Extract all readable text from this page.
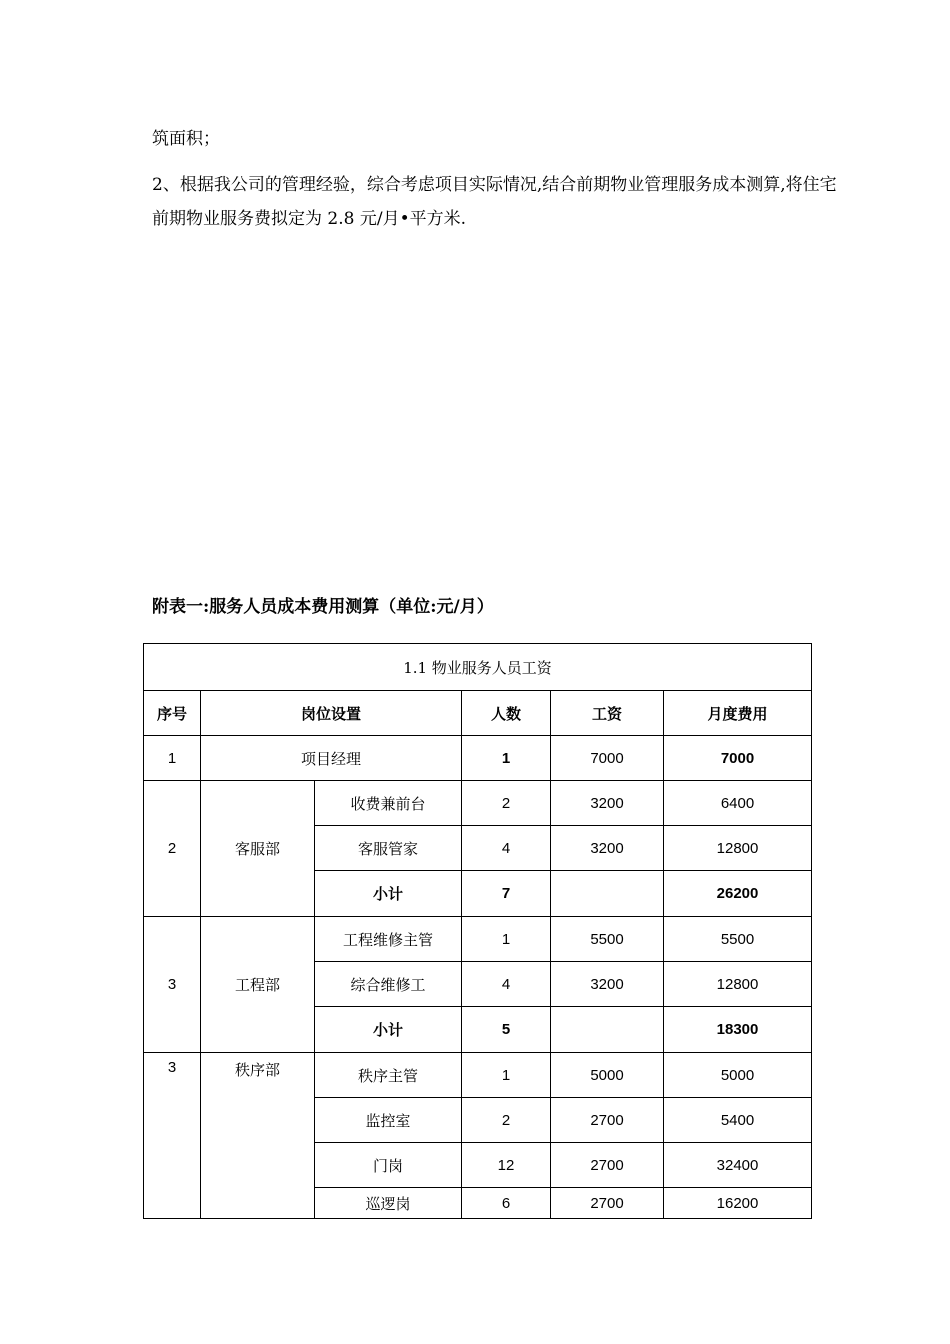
筑面积；

2、根据我公司的管理经验，综合考虑项目实际情况,结合前期物业管理服务成本测算,将住宅前期物业服务费拟定为 2.8 元/月•平方米.

附表一:服务人员成本费用测算（单位:元/月）

1.1 物业服务人员工资					
序号	岗位设置		人数	工资	月度费用
1	项目经理		1	7000	7000
2	客服部	收费兼前台	2	3200	6400
		客服管家	4	3200	12800
		小计	7		26200
3	工程部	工程维修主管	1	5500	5500
		综合维修工	4	3200	12800
		小计	5		18300
3	秩序部	秩序主管	1	5000	5000
		监控室	2	2700	5400
		门岗	12	2700	32400
		巡逻岗	6	2700	16200
